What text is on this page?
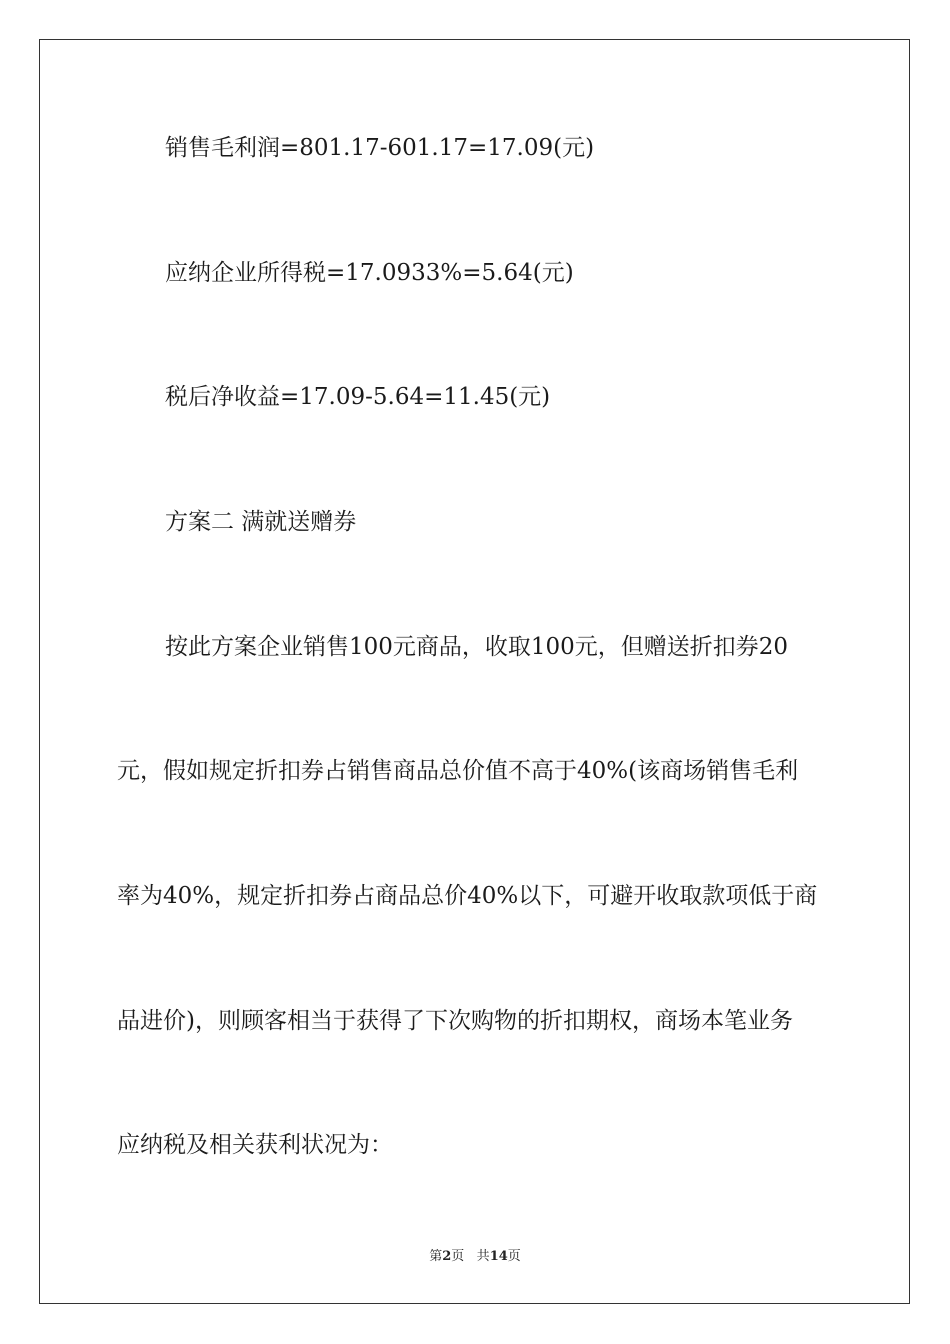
销售毛利润=801.17-601.17=17.09(元)
应纳企业所得税=17.0933%=5.64(元)
税后净收益=17.09-5.64=11.45(元)
方案二 满就送赠券
按此方案企业销售100元商品，收取100元，但赠送折扣券20
元，假如规定折扣券占销售商品总价值不高于40%(该商场销售毛利
率为40%，规定折扣券占商品总价40%以下，可避开收取款项低于商
品进价)，则顾客相当于获得了下次购物的折扣期权，商场本笔业务
应纳税及相关获利状况为：
第2页 共14页
